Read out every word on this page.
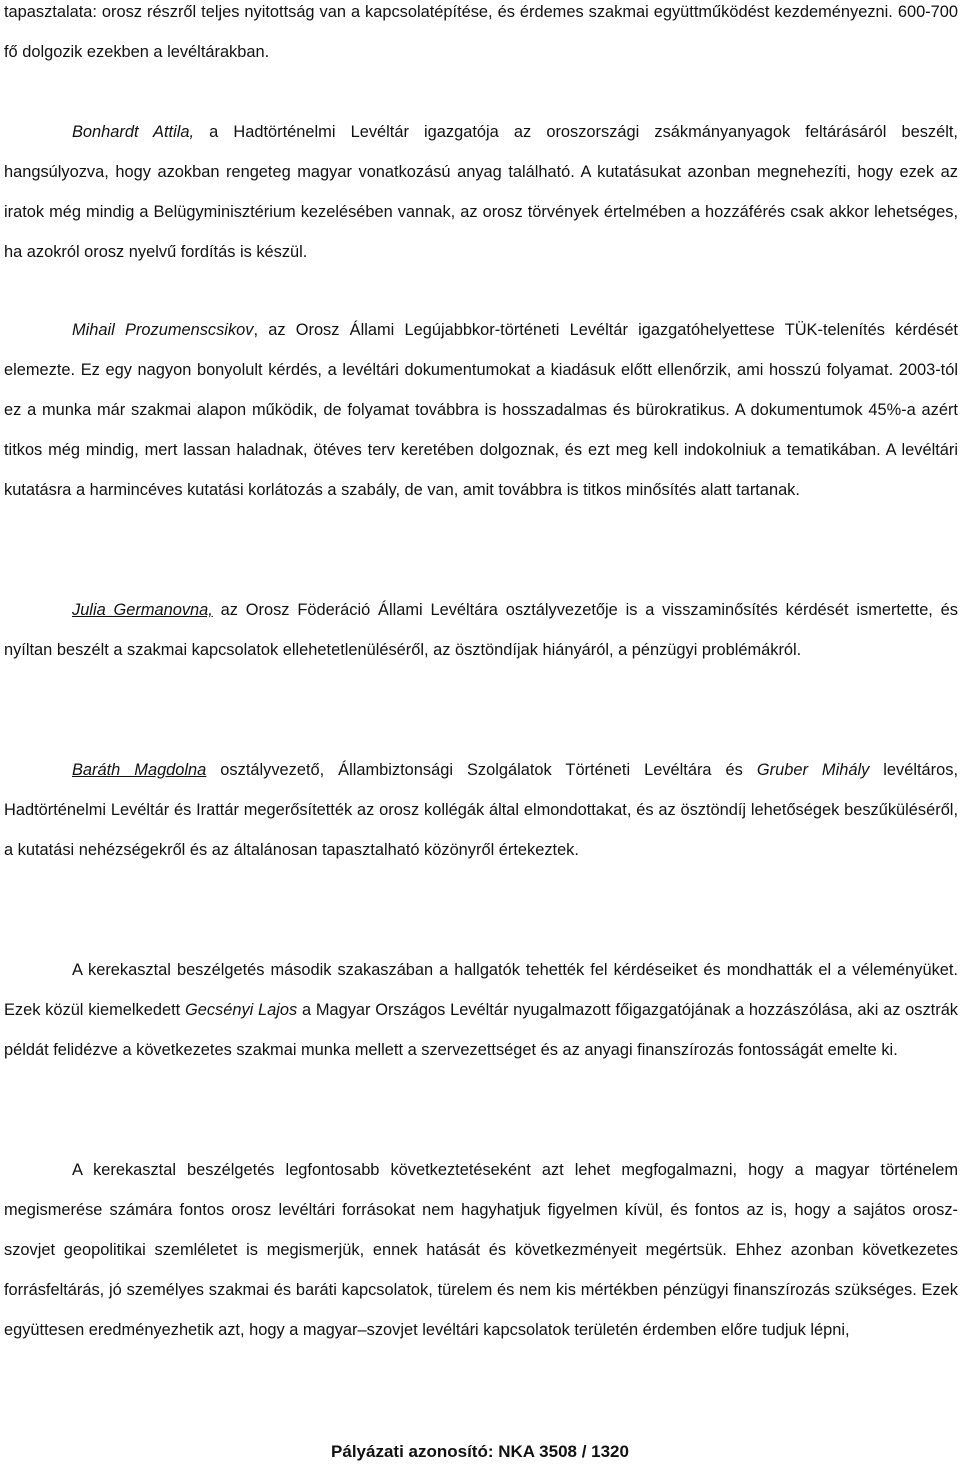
tapasztalata: orosz részről teljes nyitottság van a kapcsolatépítése, és érdemes szakmai együttműködést kezdeményezni. 600-700 fő dolgozik ezekben a levéltárakban.

Bonhardt Attila, a Hadtörténelmi Levéltár igazgatója az oroszországi zsákmányanyagok feltárásáról beszélt, hangsúlyozva, hogy azokban rengeteg magyar vonatkozású anyag található. A kutatásukat azonban megnehezíti, hogy ezek az iratok még mindig a Belügyminisztérium kezelésében vannak, az orosz törvények értelmében a hozzáférés csak akkor lehetséges, ha azokról orosz nyelvű fordítás is készül.

Mihail Prozumenscsikov, az Orosz Állami Legújabbkor-történeti Levéltár igazgatóhelyettese TÜK-telenítés kérdését elemezte. Ez egy nagyon bonyolult kérdés, a levéltári dokumentumokat a kiadásuk előtt ellenőrzik, ami hosszú folyamat. 2003-tól ez a munka már szakmai alapon működik, de folyamat továbbra is hosszadalmas és bürokratikus. A dokumentumok 45%-a azért titkos még mindig, mert lassan haladnak, ötéves terv keretében dolgoznak, és ezt meg kell indokolniuk a tematikában. A levéltári kutatásra a harmincéves kutatási korlátozás a szabály, de van, amit továbbra is titkos minősítés alatt tartanak.

Julia Germanovna, az Orosz Föderáció Állami Levéltára osztályvezetője is a visszaminősítés kérdését ismertette, és nyíltan beszélt a szakmai kapcsolatok ellehetetlenüléséről, az ösztöndíjak hiányáról, a pénzügyi problémákról.

Baráth Magdolna osztályvezető, Állambiztonsági Szolgálatok Történeti Levéltára és Gruber Mihály levéltáros, Hadtörténelmi Levéltár és Irattár megerősítették az orosz kollégák által elmondottakat, és az ösztöndíj lehetőségek beszűküléséről, a kutatási nehézségekről és az általánosan tapasztalható közönyről értekeztek.

A kerekasztal beszélgetés második szakaszában a hallgatók tehették fel kérdéseiket és mondhatták el a véleményüket. Ezek közül kiemelkedett Gecsényi Lajos a Magyar Országos Levéltár nyugalmazott főigazgatójának a hozzászólása, aki az osztrák példát felidézve a következetes szakmai munka mellett a szervezettséget és az anyagi finanszírozás fontosságát emelte ki.

A kerekasztal beszélgetés legfontosabb következtetéseként azt lehet megfogalmazni, hogy a magyar történelem megismerése számára fontos orosz levéltári forrásokat nem hagyhatjuk figyelmen kívül, és fontos az is, hogy a sajátos orosz-szovjet geopolitikai szemléletet is megismerjük, ennek hatását és következményeit megértsük. Ehhez azonban következetes forrásfeltárás, jó személyes szakmai és baráti kapcsolatok, türelem és nem kis mértékben pénzügyi finanszírozás szükséges. Ezek együttesen eredményezhetik azt, hogy a magyar–szovjet levéltári kapcsolatok területén érdemben előre tudjuk lépni,

Pályázati azonosító: NKA 3508 / 1320
